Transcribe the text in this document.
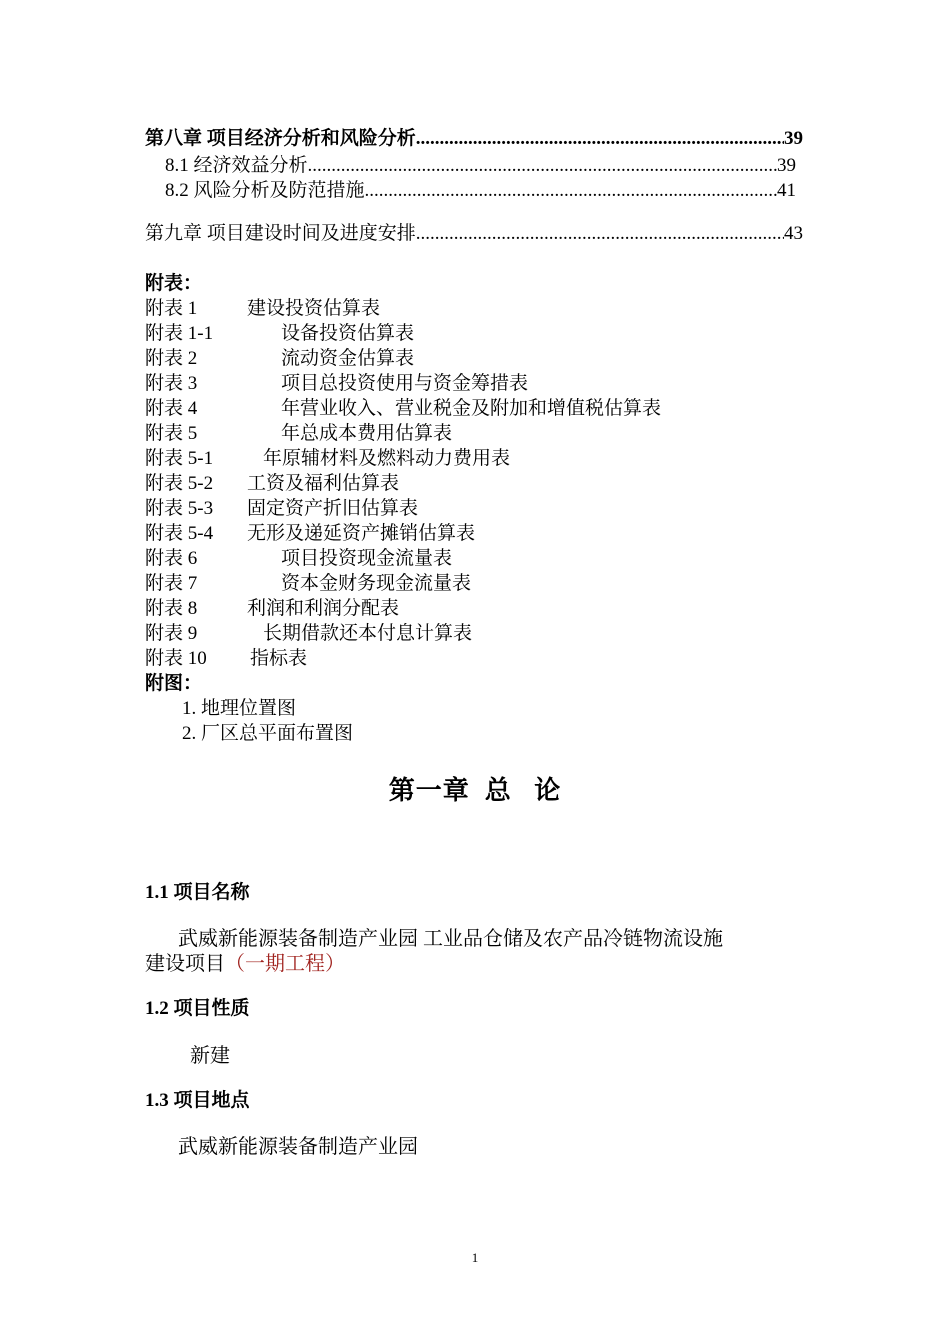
第八章 项目经济分析和风险分析 .....	39
8.1 经济效益分析 .....	39
8.2 风险分析及防范措施 .....	41
第九章 项目建设时间及进度安排 .....	43
附表：
附表 1	建设投资估算表
附表 1-1	设备投资估算表
附表 2	流动资金估算表
附表 3	项目总投资使用与资金筹措表
附表 4	年营业收入、营业税金及附加和增值税估算表
附表 5	年总成本费用估算表
附表 5-1	年原辅材料及燃料动力费用表
附表 5-2 工资及福利估算表
附表 5-3 固定资产折旧估算表
附表 5-4 无形及递延资产摊销估算表
附表 6	项目投资现金流量表
附表 7	资本金财务现金流量表
附表 8	利润和利润分配表
附表 9	长期借款还本付息计算表
附表 10 指标表
附图：
1. 地理位置图
2. 厂区总平面布置图
第一章  总   论
1.1 项目名称
武威新能源装备制造产业园 工业品仓储及农产品冷链物流设施
建设项目（一期工程）
1.2 项目性质
新建
1.3 项目地点
武威新能源装备制造产业园
1
